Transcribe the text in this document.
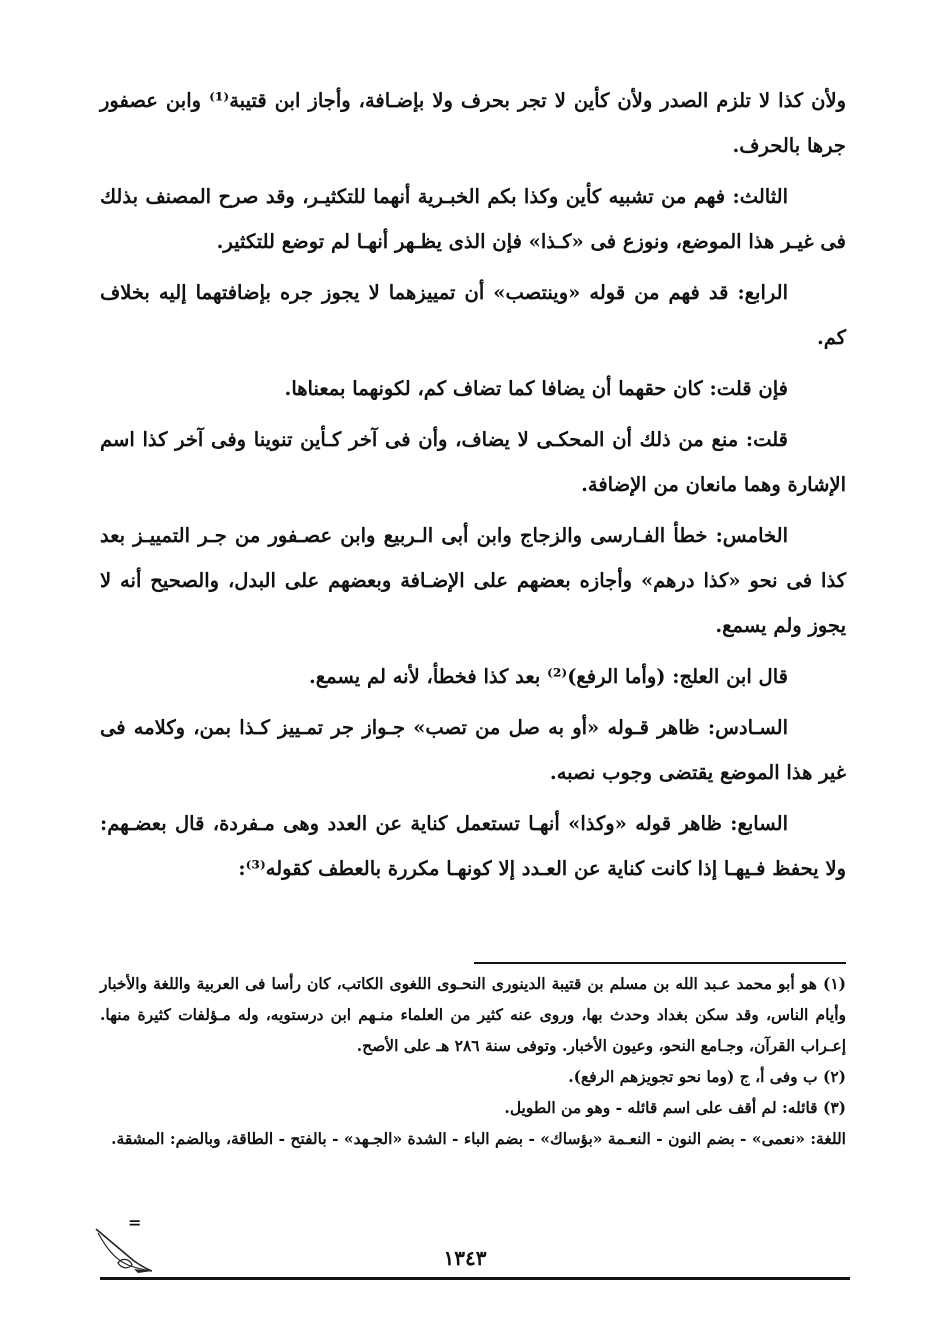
ولأن كذا لا تلزم الصدر ولأن كأين لا تجر بحرف ولا بإضـافة، وأجاز ابن قتيبة⁽¹⁾ وابن عصفور جرها بالحرف.

الثالث: فهم من تشبيه كأين وكذا بكم الخبـرية أنهما للتكثيـر، وقد صرح المصنف بذلك فى غيـر هذا الموضع، ونوزع فى «كـذا» فإن الذى يظـهر أنهـا لم توضع للتكثير.

الرابع: قد فهم من قوله «وينتصب» أن تمييزهما لا يجوز جره بإضافتهما إليه بخلاف كم.

فإن قلت: كان حقهما أن يضافا كما تضاف كم، لكونهما بمعناها.

قلت: منع من ذلك أن المحكـى لا يضاف، وأن فى آخر كـأين تنوينا وفى آخر كذا اسم الإشارة وهما مانعان من الإضافة.

الخامس: خطأ الفـارسى والزجاج وابن أبى الـربيع وابن عصـفور من جـر التمييـز بعد كذا فى نحو «كذا درهم» وأجازه بعضهم على الإضـافة وبعضهم على البدل، والصحيح أنه لا يجوز ولم يسمع.

قال ابن العلج: (وأما الرفع)⁽²⁾ بعد كذا فخطأ، لأنه لم يسمع.

السـادس: ظاهر قـوله «أو به صل من تصب» جـواز جر تمـييز كـذا بمن، وكلامه فى غير هذا الموضع يقتضى وجوب نصبه.

السابع: ظاهر قوله «وكذا» أنهـا تستعمل كناية عن العدد وهى مـفردة، قال بعضـهم: ولا يحفظ فـيهـا إذا كانت كناية عن العـدد إلا كونهـا مكررة بالعطف كقوله⁽³⁾:

(١) هو أبو محمد عـبد الله بن مسلم بن قتيبة الدينورى النحـوى اللغوى الكاتب، كان رأسا فى العربية واللغة والأخبار وأيام الناس، وقد سكن بغداد وحدث بها، وروى عنه كثير من العلماء منـهم ابن درستويه، وله مـؤلفات كثيرة منها. إعـراب القرآن، وجـامع النحو، وعيون الأخبار. وتوفى سنة ٢٨٦ هـ على الأصح.

(٢) ب وفى أ، ج (وما نحو تجويزهم الرفع).

(٣) قائله: لم أقف على اسم قائله - وهو من الطويل.

اللغة: «نعمى» - بضم النون - النعـمة «بؤساك» - بضم الباء - الشدة «الجـهد» - بالفتح - الطاقة، وبالضم: المشقة.

=
١٣٤٣
